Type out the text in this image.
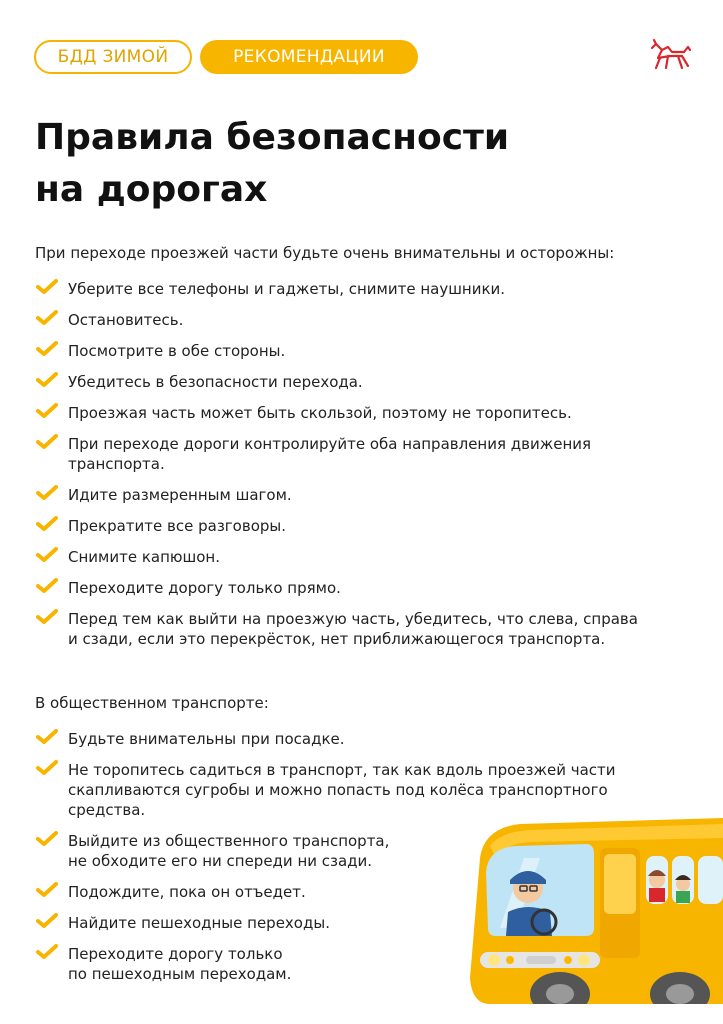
БДД ЗИМОЙ	РЕКОМЕНДАЦИИ
Правила безопасности
на дорогах

При переходе проезжей части будьте очень внимательны и осторожны:

Уберите все телефоны и гаджеты, снимите наушники.
Остановитесь.
Посмотрите в обе стороны.
Убедитесь в безопасности перехода.
Проезжая часть может быть скользой, поэтому не торопитесь.
При переходе дороги контролируйте оба направления движения
транспорта.
Идите размеренным шагом.
Прекратите все разговоры.
Снимите капюшон.
Переходите дорогу только прямо.
Перед тем как выйти на проезжую часть, убедитесь, что слева, справа
и сзади, если это перекрёсток, нет приближающегося транспорта.

В общественном транспорте:

Будьте внимательны при посадке.
Не торопитесь садиться в транспорт, так как вдоль проезжей части
скапливаются сугробы и можно попасть под колёса транспортного
средства.
Выйдите из общественного транспорта,
не обходите его ни спереди ни сзади.
Подождите, пока он отъедет.
Найдите пешеходные переходы.
Переходите дорогу только
по пешеходным переходам.
